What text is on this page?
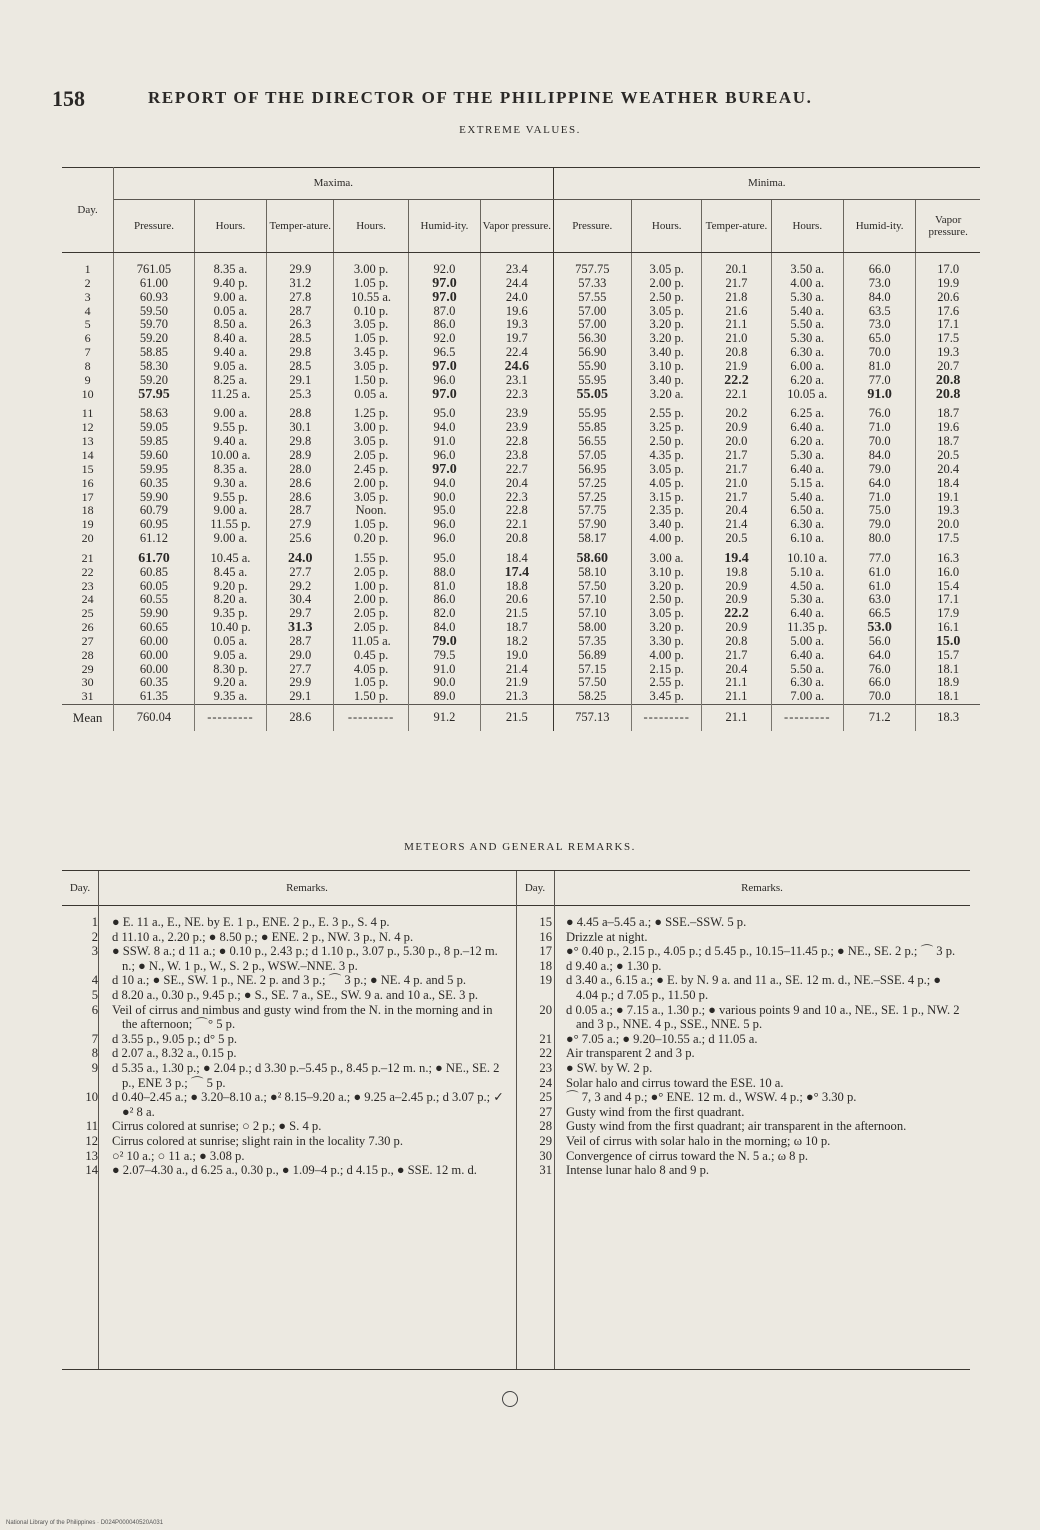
158	REPORT OF THE DIRECTOR OF THE PHILIPPINE WEATHER BUREAU.
EXTREME VALUES.
Day.	Maxima.						Minima.					
	Pressure.	Hours.	Temper-ature.	Hours.	Humid-ity.	Vapor pressure.	Pressure.	Hours.	Temper-ature.	Hours.	Humid-ity.	Vapor pressure.
1	761.05	8.35 a.	29.9	3.00 p.	92.0	23.4	757.75	3.05 p.	20.1	3.50 a.	66.0	17.0
2	61.00	9.40 p.	31.2	1.05 p.	97.0	24.4	57.33	2.00 p.	21.7	4.00 a.	73.0	19.9
3	60.93	9.00 a.	27.8	10.55 a.	97.0	24.0	57.55	2.50 p.	21.8	5.30 a.	84.0	20.6
4	59.50	0.05 a.	28.7	0.10 p.	87.0	19.6	57.00	3.05 p.	21.6	5.40 a.	63.5	17.6
5	59.70	8.50 a.	26.3	3.05 p.	86.0	19.3	57.00	3.20 p.	21.1	5.50 a.	73.0	17.1
6	59.20	8.40 a.	28.5	1.05 p.	92.0	19.7	56.30	3.20 p.	21.0	5.30 a.	65.0	17.5
7	58.85	9.40 a.	29.8	3.45 p.	96.5	22.4	56.90	3.40 p.	20.8	6.30 a.	70.0	19.3
8	58.30	9.05 a.	28.5	3.05 p.	97.0	24.6	55.90	3.10 p.	21.9	6.00 a.	81.0	20.7
9	59.20	8.25 a.	29.1	1.50 p.	96.0	23.1	55.95	3.40 p.	22.2	6.20 a.	77.0	20.8
10	57.95	11.25 a.	25.3	0.05 a.	97.0	22.3	55.05	3.20 a.	22.1	10.05 a.	91.0	20.8

11	58.63	9.00 a.	28.8	1.25 p.	95.0	23.9	55.95	2.55 p.	20.2	6.25 a.	76.0	18.7
12	59.05	9.55 p.	30.1	3.00 p.	94.0	23.9	55.85	3.25 p.	20.9	6.40 a.	71.0	19.6
13	59.85	9.40 a.	29.8	3.05 p.	91.0	22.8	56.55	2.50 p.	20.0	6.20 a.	70.0	18.7
14	59.60	10.00 a.	28.9	2.05 p.	96.0	23.8	57.05	4.35 p.	21.7	5.30 a.	84.0	20.5
15	59.95	8.35 a.	28.0	2.45 p.	97.0	22.7	56.95	3.05 p.	21.7	6.40 a.	79.0	20.4
16	60.35	9.30 a.	28.6	2.00 p.	94.0	20.4	57.25	4.05 p.	21.0	5.15 a.	64.0	18.4
17	59.90	9.55 p.	28.6	3.05 p.	90.0	22.3	57.25	3.15 p.	21.7	5.40 a.	71.0	19.1
18	60.79	9.00 a.	28.7	Noon.	95.0	22.8	57.75	2.35 p.	20.4	6.50 a.	75.0	19.3
19	60.95	11.55 p.	27.9	1.05 p.	96.0	22.1	57.90	3.40 p.	21.4	6.30 a.	79.0	20.0
20	61.12	9.00 a.	25.6	0.20 p.	96.0	20.8	58.17	4.00 p.	20.5	6.10 a.	80.0	17.5

21	61.70	10.45 a.	24.0	1.55 p.	95.0	18.4	58.60	3.00 a.	19.4	10.10 a.	77.0	16.3
22	60.85	8.45 a.	27.7	2.05 p.	88.0	17.4	58.10	3.10 p.	19.8	5.10 a.	61.0	16.0
23	60.05	9.20 p.	29.2	1.00 p.	81.0	18.8	57.50	3.20 p.	20.9	4.50 a.	61.0	15.4
24	60.55	8.20 a.	30.4	2.00 p.	86.0	20.6	57.10	2.50 p.	20.9	5.30 a.	63.0	17.1
25	59.90	9.35 p.	29.7	2.05 p.	82.0	21.5	57.10	3.05 p.	22.2	6.40 a.	66.5	17.9
26	60.65	10.40 p.	31.3	2.05 p.	84.0	18.7	58.00	3.20 p.	20.9	11.35 p.	53.0	16.1
27	60.00	0.05 a.	28.7	11.05 a.	79.0	18.2	57.35	3.30 p.	20.8	5.00 a.	56.0	15.0
28	60.00	9.05 a.	29.0	0.45 p.	79.5	19.0	56.89	4.00 p.	21.7	6.40 a.	64.0	15.7
29	60.00	8.30 p.	27.7	4.05 p.	91.0	21.4	57.15	2.15 p.	20.4	5.50 a.	76.0	18.1
30	60.35	9.20 a.	29.9	1.05 p.	90.0	21.9	57.50	2.55 p.	21.1	6.30 a.	66.0	18.9
31	61.35	9.35 a.	29.1	1.50 p.	89.0	21.3	58.25	3.45 p.	21.1	7.00 a.	70.0	18.1
Mean	760.04	---------	28.6	---------	91.2	21.5	757.13	---------	21.1	---------	71.2	18.3
METEORS AND GENERAL REMARKS.
Day.	Remarks.	Day.	Remarks.
1	● E. 11 a., E., NE. by E. 1 p., ENE. 2 p., E. 3 p., S. 4 p.
2	d 11.10 a., 2.20 p.; ● 8.50 p.; ● ENE. 2 p., NW. 3 p., N. 4 p.
3	● SSW. 8 a.; d 11 a.; ● 0.10 p., 2.43 p.; d 1.10 p., 3.07 p., 5.30 p., 8 p.–12 m. n.; ● N., W. 1 p., W., S. 2 p., WSW.–NNE. 3 p.
4	d 10 a.; ● SE., SW. 1 p., NE. 2 p. and 3 p.; ⌒ 3 p.; ● NE. 4 p. and 5 p.
5	d 8.20 a., 0.30 p., 9.45 p.; ● S., SE. 7 a., SE., SW. 9 a. and 10 a., SE. 3 p.
6	Veil of cirrus and nimbus and gusty wind from the N. in the morning and in the afternoon; ⌒° 5 p.
7	d 3.55 p., 9.05 p.; d° 5 p.
8	d 2.07 a., 8.32 a., 0.15 p.
9	d 5.35 a., 1.30 p.; ● 2.04 p.; d 3.30 p.–5.45 p., 8.45 p.–12 m. n.; ● NE., SE. 2 p., ENE 3 p.; ⌒ 5 p.
10	d 0.40–2.45 a.; ● 3.20–8.10 a.; ●² 8.15–9.20 a.; ● 9.25 a–2.45 p.; d 3.07 p.; ✓ ●² 8 a.
11	Cirrus colored at sunrise; ○ 2 p.; ● S. 4 p.
12	Cirrus colored at sunrise; slight rain in the locality 7.30 p.
13	○² 10 a.; ○ 11 a.; ● 3.08 p.
14	● 2.07–4.30 a., d 6.25 a., 0.30 p., ● 1.09–4 p.; d 4.15 p., ● SSE. 12 m. d.
15	● 4.45 a–5.45 a.; ● SSE.–SSW. 5 p.
16	Drizzle at night.
17	●° 0.40 p., 2.15 p., 4.05 p.; d 5.45 p., 10.15–11.45 p.; ● NE., SE. 2 p.; ⌒ 3 p.
18	d 9.40 a.; ● 1.30 p.
19	d 3.40 a., 6.15 a.; ● E. by N. 9 a. and 11 a., SE. 12 m. d., NE.–SSE. 4 p.; ● 4.04 p.; d 7.05 p., 11.50 p.
20	d 0.05 a.; ● 7.15 a., 1.30 p.; ● various points 9 and 10 a., NE., SE. 1 p., NW. 2 and 3 p., NNE. 4 p., SSE., NNE. 5 p.
21	●° 7.05 a.; ● 9.20–10.55 a.; d 11.05 a.
22	Air transparent 2 and 3 p.
23	● SW. by W. 2 p.
24	Solar halo and cirrus toward the ESE. 10 a.
25	⌒ 7, 3 and 4 p.; ●° ENE. 12 m. d., WSW. 4 p.; ●° 3.30 p.
27	Gusty wind from the first quadrant.
28	Gusty wind from the first quadrant; air transparent in the afternoon.
29	Veil of cirrus with solar halo in the morning; ω 10 p.
30	Convergence of cirrus toward the N. 5 a.; ω 8 p.
31	Intense lunar halo 8 and 9 p.
National Library of the Philippines · D024P000040520A031
